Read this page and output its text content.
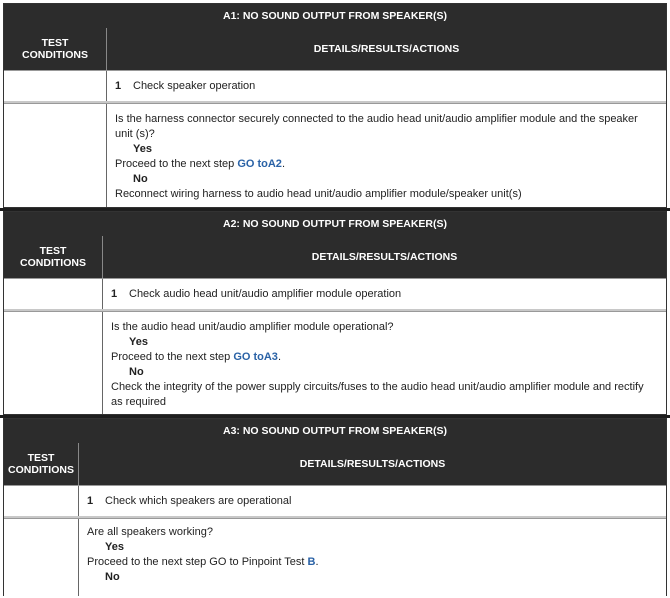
A1: NO SOUND OUTPUT FROM SPEAKER(S)
TEST
CONDITIONS	DETAILS/RESULTS/ACTIONS
1 Check speaker operation
Is the harness connector securely connected to the audio head unit/audio amplifier module and the speaker unit (s)?
Yes
Proceed to the next step GO toA2.
No
Reconnect wiring harness to audio head unit/audio amplifier module/speaker unit(s)
A2: NO SOUND OUTPUT FROM SPEAKER(S)
TEST
CONDITIONS	DETAILS/RESULTS/ACTIONS
1 Check audio head unit/audio amplifier module operation
Is the audio head unit/audio amplifier module operational?
Yes
Proceed to the next step GO toA3.
No
Check the integrity of the power supply circuits/fuses to the audio head unit/audio amplifier module and rectify as required
A3: NO SOUND OUTPUT FROM SPEAKER(S)
TEST
CONDITIONS	DETAILS/RESULTS/ACTIONS
1 Check which speakers are operational
Are all speakers working?
Yes
Proceed to the next step GO to Pinpoint Test B.
No
